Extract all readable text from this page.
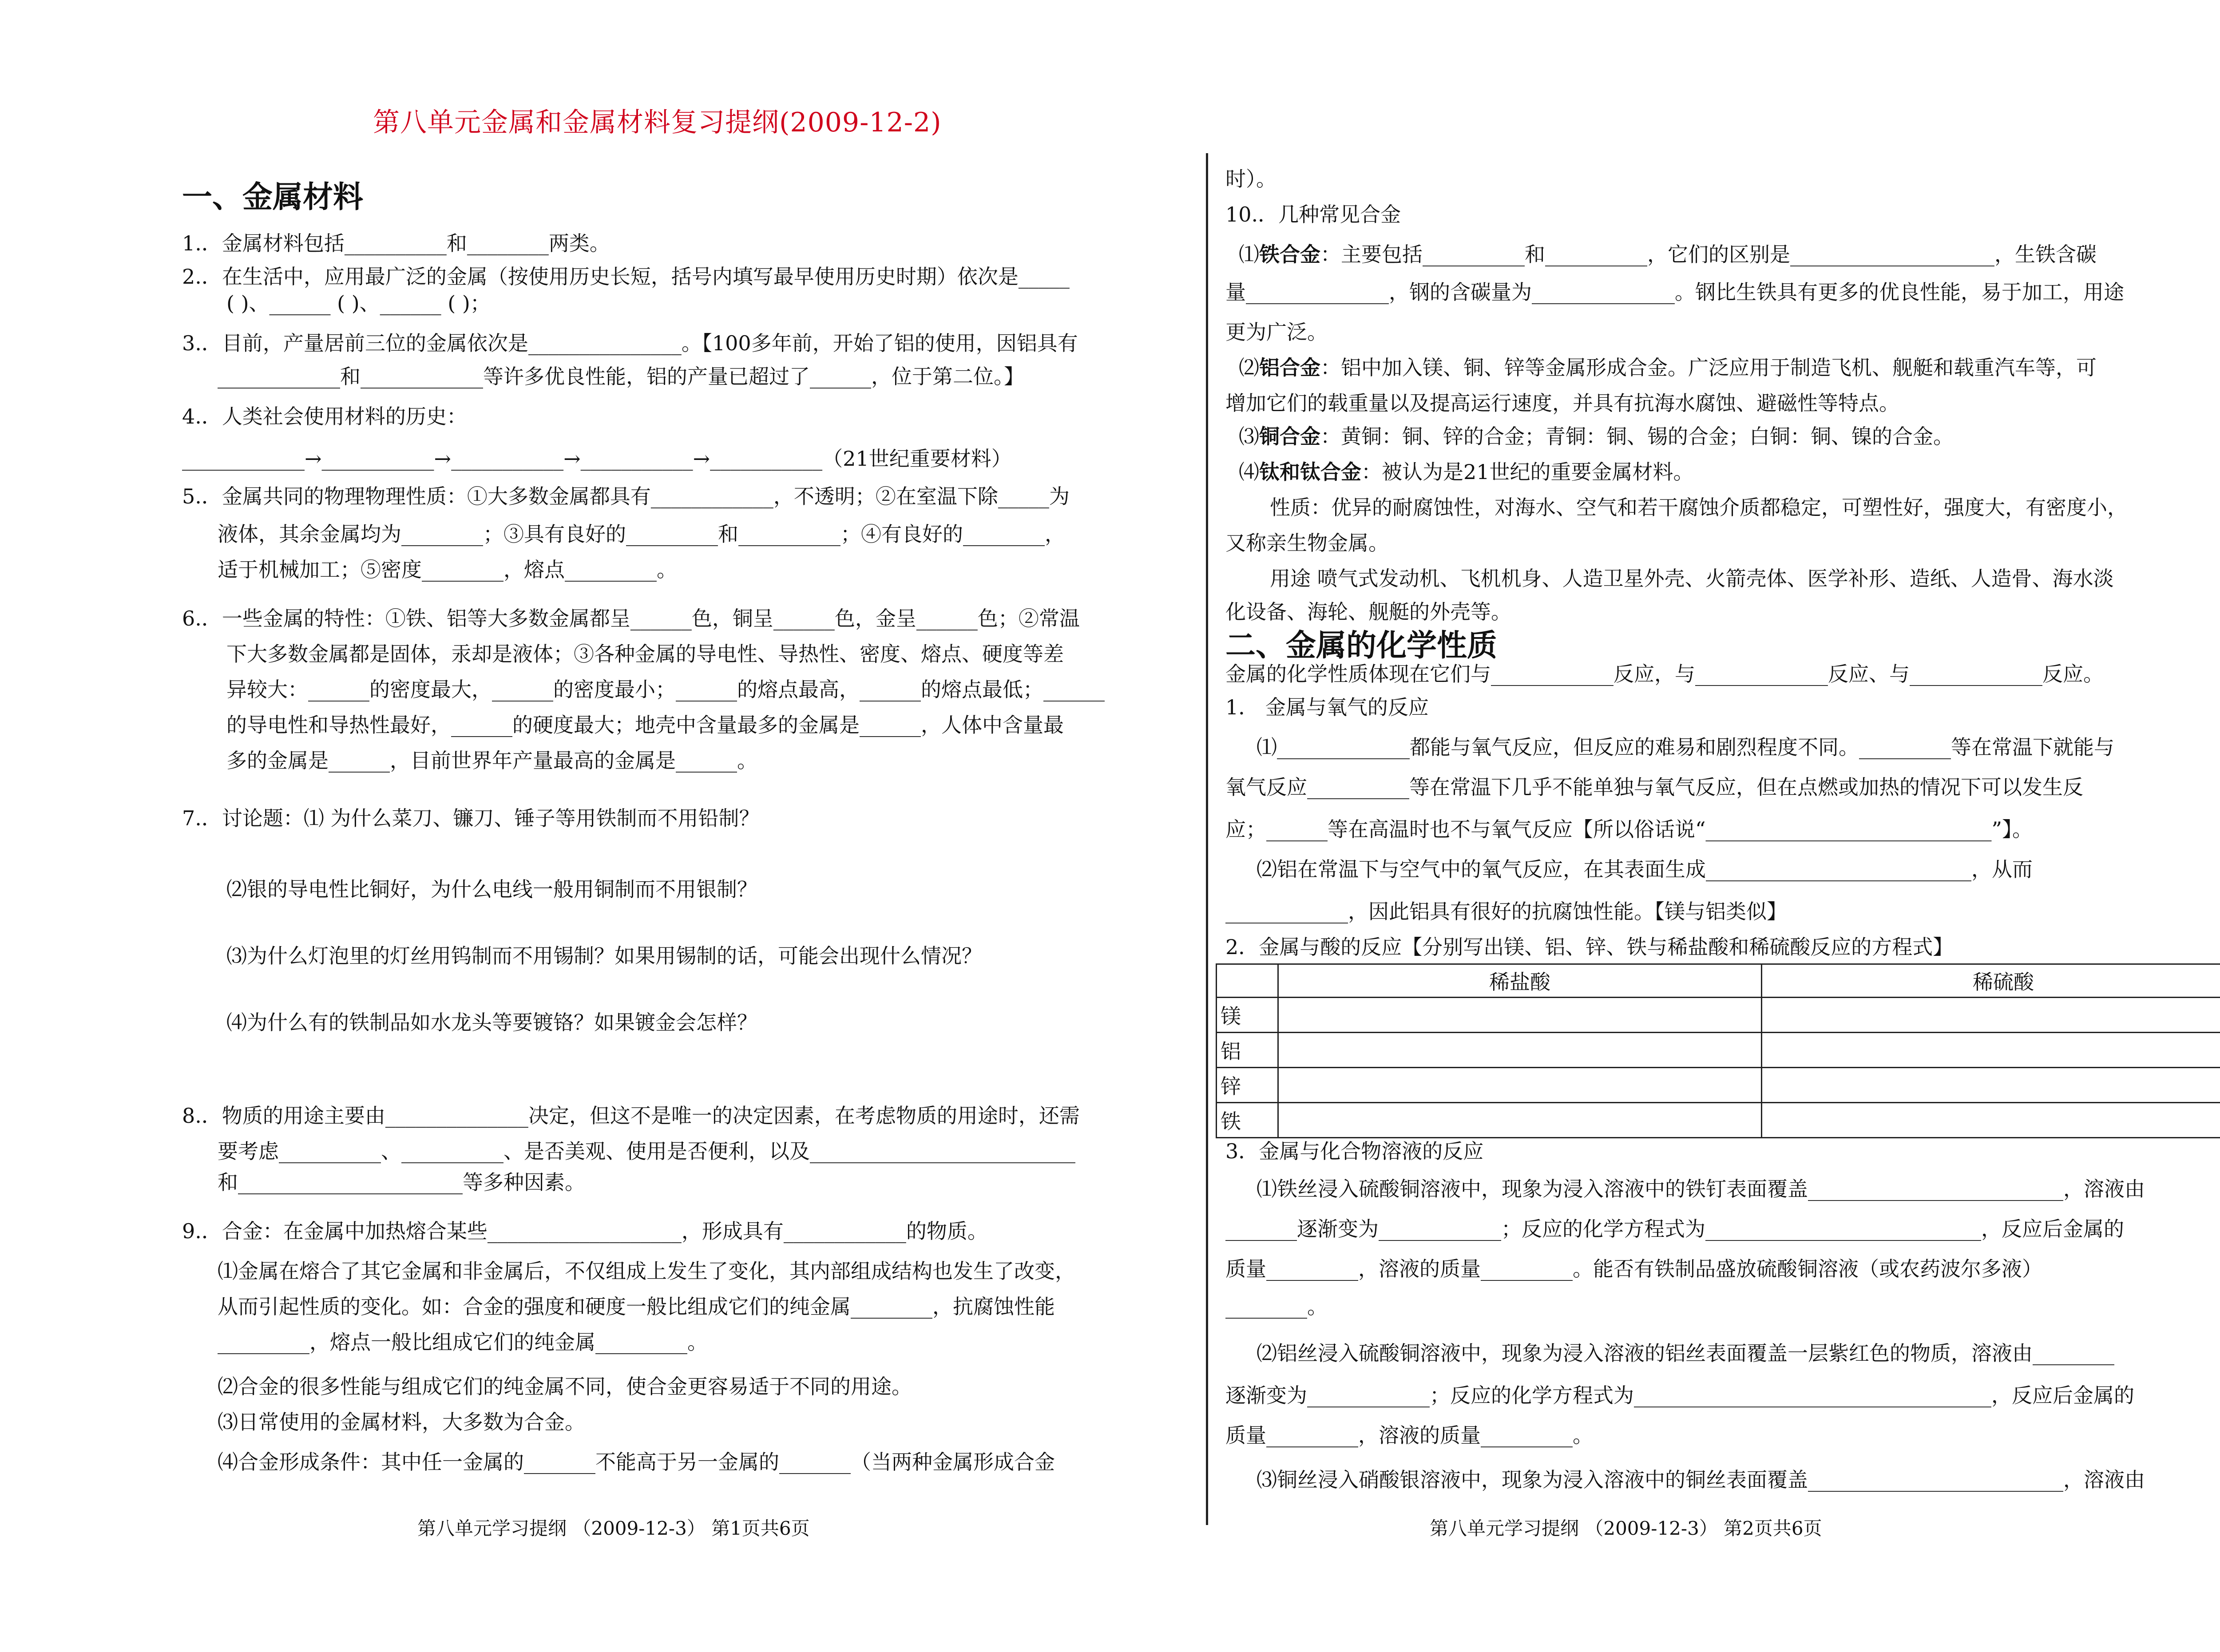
第八单元金属和金属材料复习提纲(2009-12-2)
一、金属材料
1.．金属材料包括__________和________两类。
2.．在生活中，应用最广泛的金属（按使用历史长短，括号内填写最早使用历史时期）依次是_____
( )、______ ( )、______ ( )；
3.．目前，产量居前三位的金属依次是_______________。【100多年前，开始了铝的使用，因铝具有
____________和____________等许多优良性能，铝的产量已超过了______，位于第二位。】
4.．人类社会使用材料的历史：
____________→___________→___________→___________→___________（21世纪重要材料）
5.．金属共同的物理物理性质：①大多数金属都具有____________，不透明；②在室温下除_____为
液体，其余金属均为________；③具有良好的_________和__________；④有良好的________，
适于机械加工；⑤密度________，熔点_________。
6.．一些金属的特性：①铁、铝等大多数金属都呈______色，铜呈______色，金呈______色；②常温
下大多数金属都是固体，汞却是液体；③各种金属的导电性、导热性、密度、熔点、硬度等差
异较大：______的密度最大，______的密度最小；______的熔点最高，______的熔点最低；______
的导电性和导热性最好，______的硬度最大；地壳中含量最多的金属是______，人体中含量最
多的金属是______，目前世界年产量最高的金属是______。
7.．讨论题：⑴ 为什么菜刀、镰刀、锤子等用铁制而不用铅制？
⑵银的导电性比铜好，为什么电线一般用铜制而不用银制？
⑶为什么灯泡里的灯丝用钨制而不用锡制？如果用锡制的话，可能会出现什么情况？
⑷为什么有的铁制品如水龙头等要镀铬？如果镀金会怎样？
8.．物质的用途主要由______________决定，但这不是唯一的决定因素，在考虑物质的用途时，还需
要考虑__________、__________、是否美观、使用是否便利，以及__________________________
和______________________等多种因素。
9.．合金：在金属中加热熔合某些___________________，形成具有____________的物质。
⑴金属在熔合了其它金属和非金属后，不仅组成上发生了变化，其内部组成结构也发生了改变，
从而引起性质的变化。如：合金的强度和硬度一般比组成它们的纯金属________，抗腐蚀性能
_________，熔点一般比组成它们的纯金属_________。
⑵合金的很多性能与组成它们的纯金属不同，使合金更容易适于不同的用途。
⑶日常使用的金属材料，大多数为合金。
⑷合金形成条件：其中任一金属的_______不能高于另一金属的_______（当两种金属形成合金
时）。
10.．几种常见合金
⑴铁合金：主要包括__________和__________，它们的区别是____________________，生铁含碳
量______________，钢的含碳量为______________。钢比生铁具有更多的优良性能，易于加工，用途
更为广泛。
⑵铝合金：铝中加入镁、铜、锌等金属形成合金。广泛应用于制造飞机、舰艇和载重汽车等，可
增加它们的载重量以及提高运行速度，并具有抗海水腐蚀、避磁性等特点。
⑶铜合金：黄铜：铜、锌的合金；青铜：铜、锡的合金；白铜：铜、镍的合金。
⑷钛和钛合金：被认为是21世纪的重要金属材料。
性质：优异的耐腐蚀性，对海水、空气和若干腐蚀介质都稳定，可塑性好，强度大，有密度小，
又称亲生物金属。
用途 喷气式发动机、飞机机身、人造卫星外壳、火箭壳体、医学补形、造纸、人造骨、海水淡
化设备、海轮、舰艇的外壳等。
二、金属的化学性质
金属的化学性质体现在它们与____________反应，与_____________反应、与_____________反应。
1． 金属与氧气的反应
⑴_____________都能与氧气反应，但反应的难易和剧烈程度不同。_________等在常温下就能与
氧气反应__________等在常温下几乎不能单独与氧气反应，但在点燃或加热的情况下可以发生反
应；______等在高温时也不与氧气反应【所以俗话说“____________________________”】。
⑵铝在常温下与空气中的氧气反应，在其表面生成__________________________，从而
____________，因此铝具有很好的抗腐蚀性能。【镁与铝类似】
2．金属与酸的反应【分别写出镁、铝、锌、铁与稀盐酸和稀硫酸反应的方程式】
	稀盐酸	稀硫酸
镁		
铝		
锌		
铁		
3．金属与化合物溶液的反应
⑴铁丝浸入硫酸铜溶液中，现象为浸入溶液中的铁钉表面覆盖_________________________，溶液由
_______逐渐变为____________；反应的化学方程式为___________________________，反应后金属的
质量_________，溶液的质量_________。能否有铁制品盛放硫酸铜溶液（或农药波尔多液）
________。
⑵铝丝浸入硫酸铜溶液中，现象为浸入溶液的铝丝表面覆盖一层紫红色的物质，溶液由________
逐渐变为____________；反应的化学方程式为___________________________________，反应后金属的
质量_________，溶液的质量_________。
⑶铜丝浸入硝酸银溶液中，现象为浸入溶液中的铜丝表面覆盖_________________________，溶液由
第八单元学习提纲 （2009-12-3） 第1页共6页	第八单元学习提纲 （2009-12-3） 第2页共6页
